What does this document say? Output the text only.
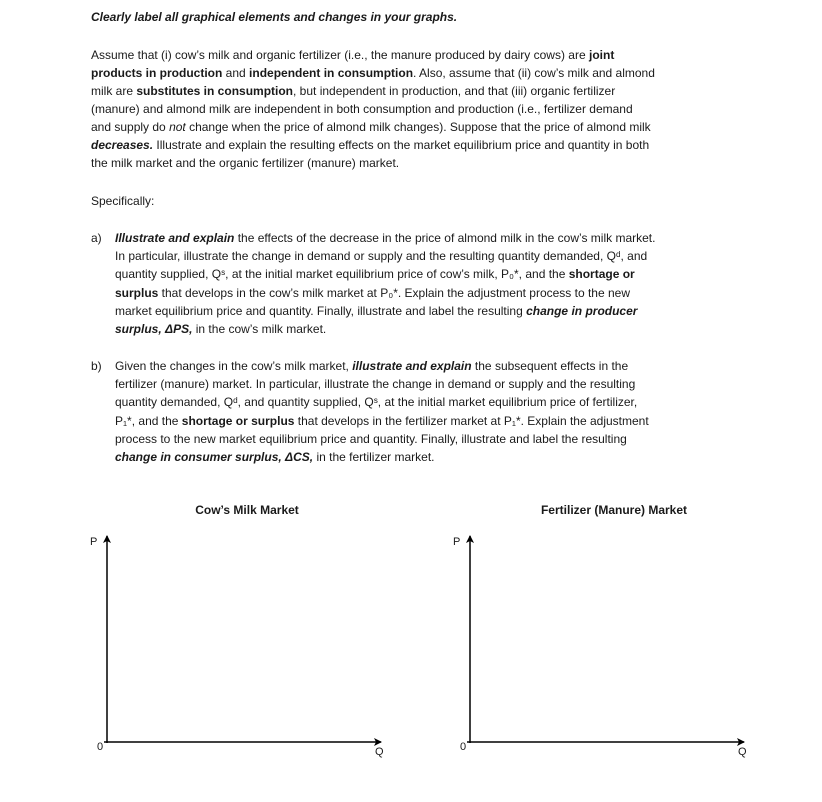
Clearly label all graphical elements and changes in your graphs.
Assume that (i) cow’s milk and organic fertilizer (i.e., the manure produced by dairy cows) are joint
products in production and independent in consumption. Also, assume that (ii) cow’s milk and almond
milk are substitutes in consumption, but independent in production, and that (iii) organic fertilizer
(manure) and almond milk are independent in both consumption and production (i.e., fertilizer demand
and supply do not change when the price of almond milk changes). Suppose that the price of almond milk
decreases. Illustrate and explain the resulting effects on the market equilibrium price and quantity in both
the milk market and the organic fertilizer (manure) market.
Specifically:
a) Illustrate and explain the effects of the decrease in the price of almond milk in the cow’s milk market.
In particular, illustrate the change in demand or supply and the resulting quantity demanded, Qᵈ, and
quantity supplied, Qˢ, at the initial market equilibrium price of cow’s milk, P₀*, and the shortage or
surplus that develops in the cow’s milk market at P₀*. Explain the adjustment process to the new
market equilibrium price and quantity. Finally, illustrate and label the resulting change in producer
surplus, ΔPS, in the cow’s milk market.
b) Given the changes in the cow’s milk market, illustrate and explain the subsequent effects in the
fertilizer (manure) market. In particular, illustrate the change in demand or supply and the resulting
quantity demanded, Qᵈ, and quantity supplied, Qˢ, at the initial market equilibrium price of fertilizer,
P₁*, and the shortage or surplus that develops in the fertilizer market at P₁*. Explain the adjustment
process to the new market equilibrium price and quantity. Finally, illustrate and label the resulting
change in consumer surplus, ΔCS, in the fertilizer market.
Cow’s Milk Market
P
0	Q
Fertilizer (Manure) Market
P
0	Q
